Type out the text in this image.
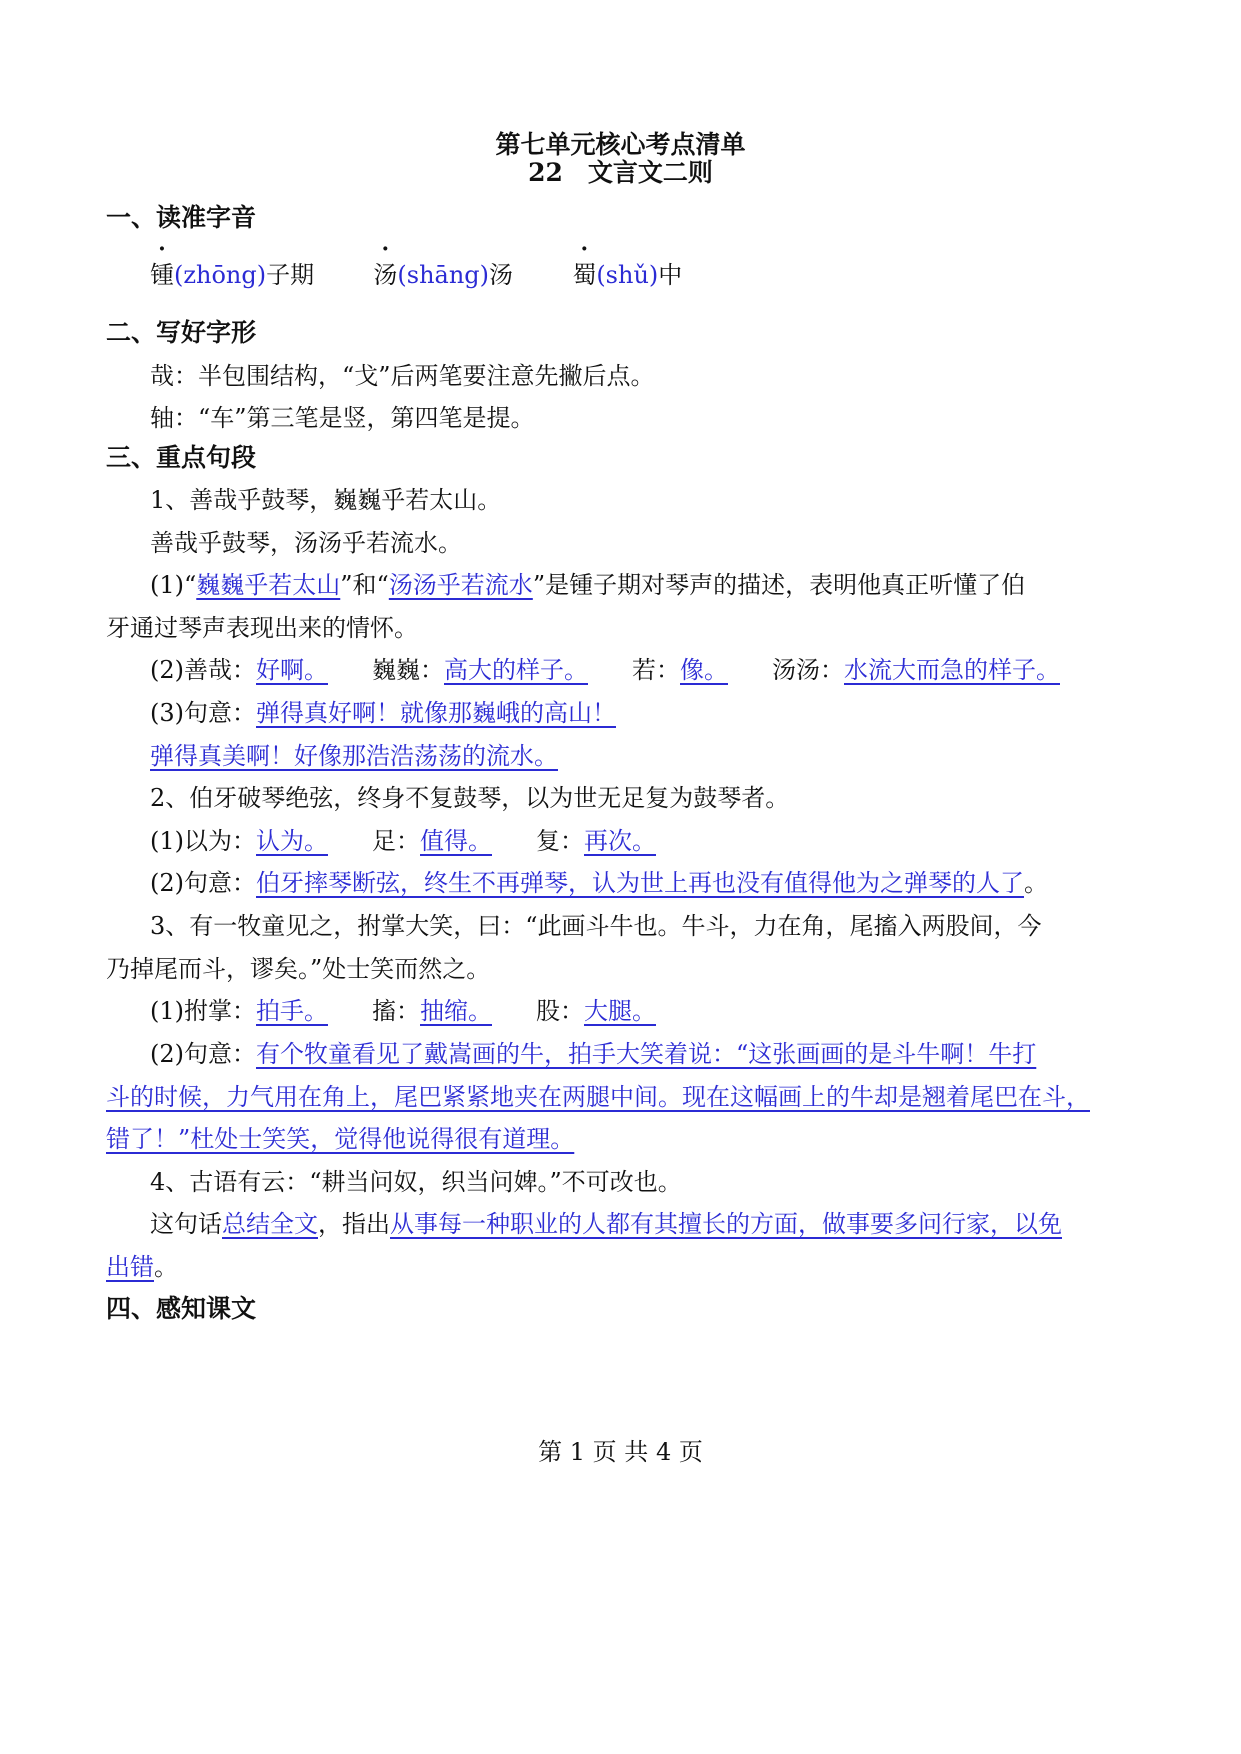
第七单元核心考点清单
22　文言文二则
一、读准字音
锺(zhōng)子期 汤(shāng)汤 蜀(shǔ)中
二、写好字形
哉：半包围结构，“戈”后两笔要注意先撇后点。
轴：“车”第三笔是竖，第四笔是提。
三、重点句段
1、善哉乎鼓琴，巍巍乎若太山。
善哉乎鼓琴，汤汤乎若流水。
(1)“巍巍乎若太山”和“汤汤乎若流水”是锺子期对琴声的描述，表明他真正听懂了伯
牙通过琴声表现出来的情怀。
(2)善哉：好啊。 巍巍：高大的样子。 若：像。 汤汤：水流大而急的样子。
(3)句意：弹得真好啊！就像那巍峨的高山！
弹得真美啊！好像那浩浩荡荡的流水。
2、伯牙破琴绝弦，终身不复鼓琴，以为世无足复为鼓琴者。
(1)以为：认为。 足：值得。 复：再次。
(2)句意：伯牙摔琴断弦，终生不再弹琴，认为世上再也没有值得他为之弹琴的人了。
3、有一牧童见之，拊掌大笑，曰：“此画斗牛也。牛斗，力在角，尾搐入两股间，今
乃掉尾而斗，谬矣。”处士笑而然之。
(1)拊掌：拍手。 搐：抽缩。 股：大腿。
(2)句意：有个牧童看见了戴嵩画的牛，拍手大笑着说：“这张画画的是斗牛啊！牛打
斗的时候，力气用在角上，尾巴紧紧地夹在两腿中间。现在这幅画上的牛却是翘着尾巴在斗，
错了！”杜处士笑笑，觉得他说得很有道理。
4、古语有云：“耕当问奴，织当问婢。”不可改也。
这句话总结全文，指出从事每一种职业的人都有其擅长的方面，做事要多问行家，以免
出错。
四、感知课文
第 1 页 共 4 页
